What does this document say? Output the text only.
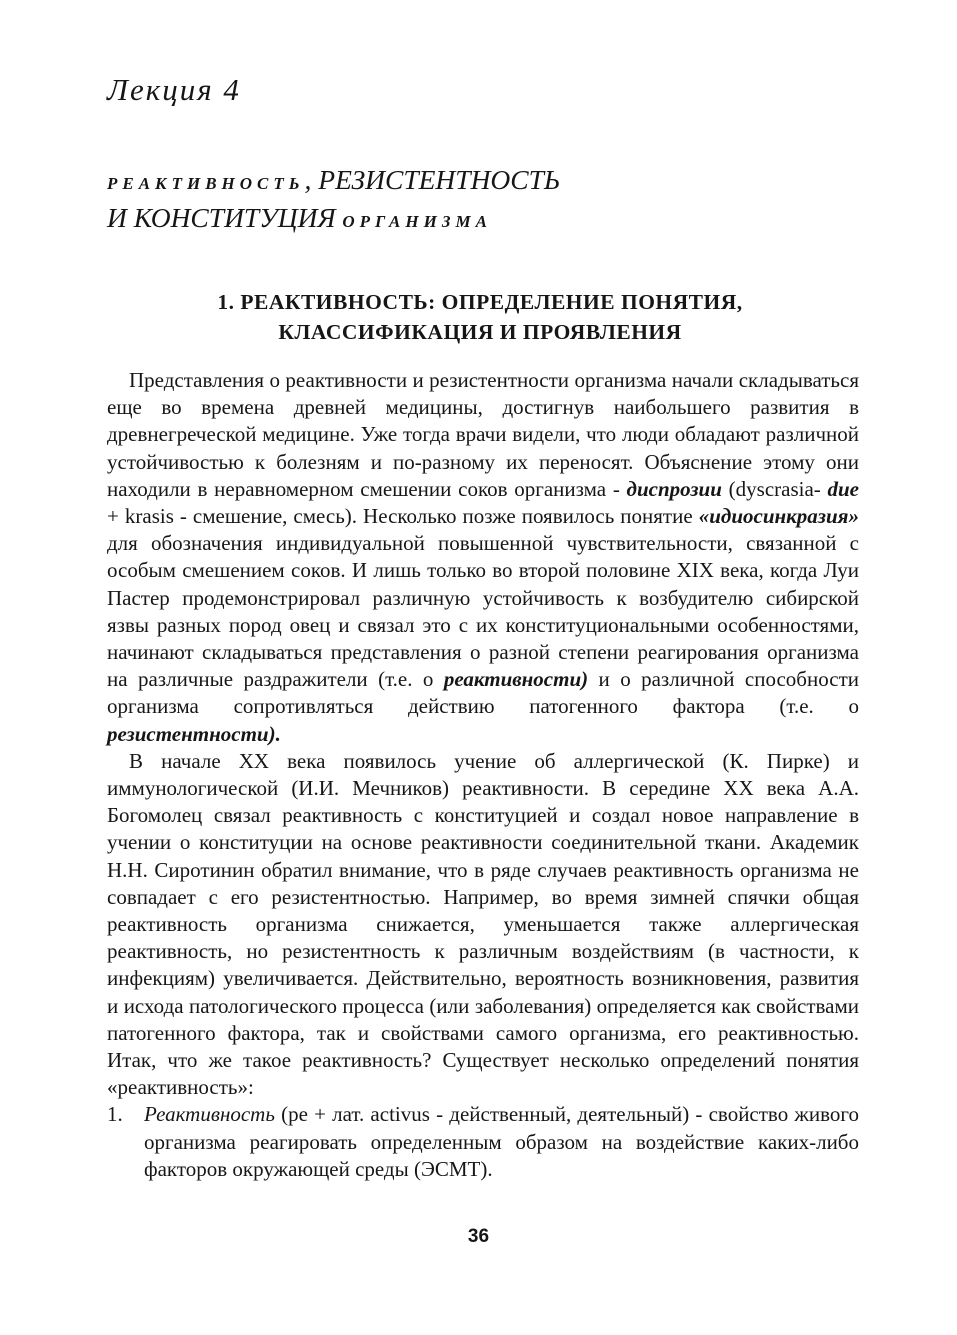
Лекция 4
РЕАКТИВНОСТЬ, РЕЗИСТЕНТНОСТЬ
И КОНСТИТУЦИЯ ОРГАНИЗМА
1. РЕАКТИВНОСТЬ: ОПРЕДЕЛЕНИЕ ПОНЯТИЯ,
КЛАССИФИКАЦИЯ И ПРОЯВЛЕНИЯ

Представления о реактивности и резистентности организма начали складываться еще во времена древней медицины, достигнув наибольшего развития в древнегреческой медицине. Уже тогда врачи видели, что люди обладают различной устойчивостью к болезням и по-разному их переносят. Объяснение этому они находили в неравномерном смешении соков организма - диспрозии (dyscrasia- due + krasis - смешение, смесь). Несколько позже появилось понятие «идиосинкразия» для обозначения индивидуальной повышенной чувствительности, связанной с особым смешением соков. И лишь только во второй половине XIX века, когда Луи Пастер продемонстрировал различную устойчивость к возбудителю сибирской язвы разных пород овец и связал это с их конституциональными особенностями, начинают складываться представления о разной степени реагирования организма на различные раздражители (т.е. о реактивности) и о различной способности организма сопротивляться действию патогенного фактора (т.е. о резистентности).

В начале XX века появилось учение об аллергической (К. Пирке) и иммунологической (И.И. Мечников) реактивности. В середине XX века А.А. Богомолец связал реактивность с конституцией и создал новое направление в учении о конституции на основе реактивности соединительной ткани. Академик Н.Н. Сиротинин обратил внимание, что в ряде случаев реактивность организма не совпадает с его резистентностью. Например, во время зимней спячки общая реактивность организма снижается, уменьшается также аллергическая реактивность, но резистентность к различным воздействиям (в частности, к инфекциям) увеличивается. Действительно, вероятность возникновения, развития и исхода патологического процесса (или заболевания) определяется как свойствами патогенного фактора, так и свойствами самого организма, его реактивностью. Итак, что же такое реактивность? Существует несколько определений понятия «реактивность»:

1.	Реактивность (ре + лат. activus - действенный, деятельный) - свойство живого организма реагировать определенным образом на воздействие каких-либо факторов окружающей среды (ЭСМТ).

36
